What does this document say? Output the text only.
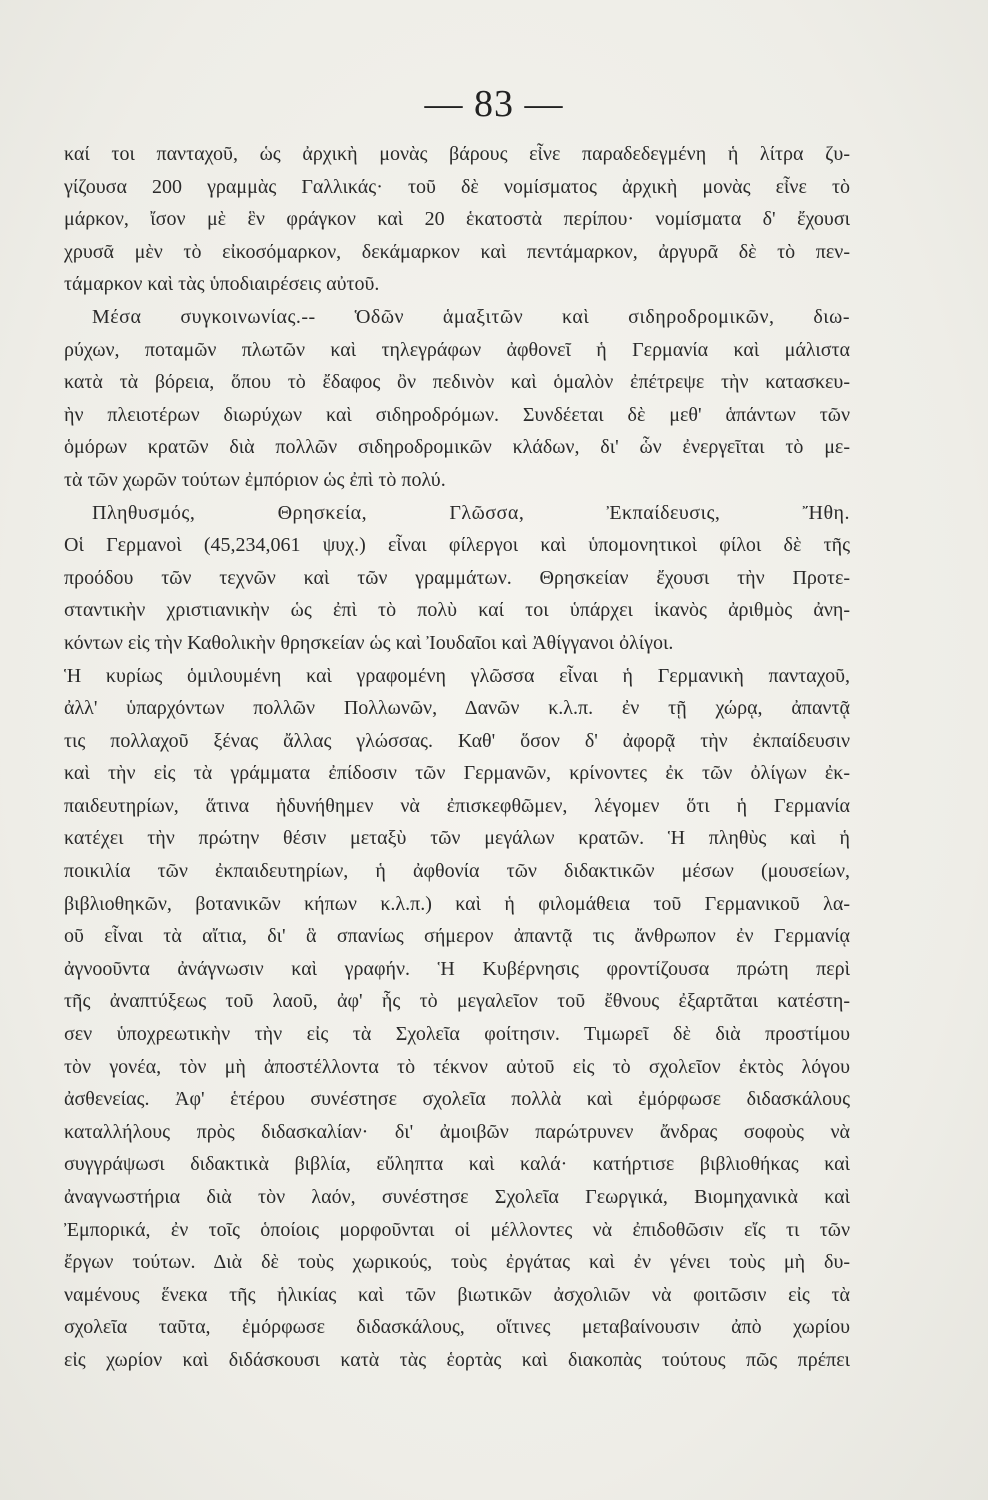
— 83 —
καί τοι πανταχοῦ, ὡς ἀρχικὴ μονὰς βάρους εἶνε παραδεδεγμένη ἡ λίτρα ζυ-
γίζουσα 200 γραμμὰς Γαλλικάς· τοῦ δὲ νομίσματος ἀρχικὴ μονὰς εἶνε τὸ
μάρκον, ἴσον μὲ ἓν φράγκον καὶ 20 ἑκατοστὰ περίπου· νομίσματα δ' ἔχουσι
χρυσᾶ μὲν τὸ εἰκοσόμαρκον, δεκάμαρκον καὶ πεντάμαρκον, ἀργυρᾶ δὲ τὸ πεν-
τάμαρκον καὶ τὰς ὑποδιαιρέσεις αὐτοῦ.
Μέσα συγκοινωνίας.-- Ὁδῶν ἁμαξιτῶν καὶ σιδηροδρομικῶν, διω-
ρύχων, ποταμῶν πλωτῶν καὶ τηλεγράφων ἀφθονεῖ ἡ Γερμανία καὶ μάλιστα
κατὰ τὰ βόρεια, ὅπου τὸ ἔδαφος ὂν πεδινὸν καὶ ὁμαλὸν ἐπέτρεψε τὴν κατασκευ-
ὴν πλειοτέρων διωρύχων καὶ σιδηροδρόμων. Συνδέεται δὲ μεθ' ἁπάντων τῶν
ὁμόρων κρατῶν διὰ πολλῶν σιδηροδρομικῶν κλάδων, δι' ὧν ἐνεργεῖται τὸ με-
τὰ τῶν χωρῶν τούτων ἐμπόριον ὡς ἐπὶ τὸ πολύ.
Πληθυσμός, Θρησκεία, Γλῶσσα, Ἐκπαίδευσις, Ἤθη.
Οἱ Γερμανοὶ (45,234,061 ψυχ.) εἶναι φίλεργοι καὶ ὑπομονητικοὶ φίλοι δὲ τῆς
προόδου τῶν τεχνῶν καὶ τῶν γραμμάτων. Θρησκείαν ἔχουσι τὴν Προτε-
σταντικὴν χριστιανικὴν ὡς ἐπὶ τὸ πολὺ καί τοι ὑπάρχει ἱκανὸς ἀριθμὸς ἀνη-
κόντων εἰς τὴν Καθολικὴν θρησκείαν ὡς καὶ Ἰουδαῖοι καὶ Ἀθίγγανοι ὀλίγοι.
Ἡ κυρίως ὁμιλουμένη καὶ γραφομένη γλῶσσα εἶναι ἡ Γερμανικὴ πανταχοῦ,
ἀλλ' ὑπαρχόντων πολλῶν Πολλωνῶν, Δανῶν κ.λ.π. ἐν τῇ χώρᾳ, ἀπαντᾷ
τις πολλαχοῦ ξένας ἄλλας γλώσσας. Καθ' ὅσον δ' ἀφορᾷ τὴν ἐκπαίδευσιν
καὶ τὴν εἰς τὰ γράμματα ἐπίδοσιν τῶν Γερμανῶν, κρίνοντες ἐκ τῶν ὀλίγων ἐκ-
παιδευτηρίων, ἅτινα ἠδυνήθημεν νὰ ἐπισκεφθῶμεν, λέγομεν ὅτι ἡ Γερμανία
κατέχει τὴν πρώτην θέσιν μεταξὺ τῶν μεγάλων κρατῶν. Ἡ πληθὺς καὶ ἡ
ποικιλία τῶν ἐκπαιδευτηρίων, ἡ ἀφθονία τῶν διδακτικῶν μέσων (μουσείων,
βιβλιοθηκῶν, βοτανικῶν κήπων κ.λ.π.) καὶ ἡ φιλομάθεια τοῦ Γερμανικοῦ λα-
οῦ εἶναι τὰ αἴτια, δι' ἃ σπανίως σήμερον ἀπαντᾷ τις ἄνθρωπον ἐν Γερμανίᾳ
ἀγνοοῦντα ἀνάγνωσιν καὶ γραφήν. Ἡ Κυβέρνησις φροντίζουσα πρώτη περὶ
τῆς ἀναπτύξεως τοῦ λαοῦ, ἀφ' ἧς τὸ μεγαλεῖον τοῦ ἔθνους ἐξαρτᾶται κατέστη-
σεν ὑποχρεωτικὴν τὴν εἰς τὰ Σχολεῖα φοίτησιν. Τιμωρεῖ δὲ διὰ προστίμου
τὸν γονέα, τὸν μὴ ἀποστέλλοντα τὸ τέκνον αὐτοῦ εἰς τὸ σχολεῖον ἐκτὸς λόγου
ἀσθενείας. Ἀφ' ἑτέρου συνέστησε σχολεῖα πολλὰ καὶ ἐμόρφωσε διδασκάλους
καταλλήλους πρὸς διδασκαλίαν· δι' ἀμοιβῶν παρώτρυνεν ἄνδρας σοφοὺς νὰ
συγγράψωσι διδακτικὰ βιβλία, εὔληπτα καὶ καλά· κατήρτισε βιβλιοθήκας καὶ
ἀναγνωστήρια διὰ τὸν λαόν, συνέστησε Σχολεῖα Γεωργικά, Βιομηχανικὰ καὶ
Ἐμπορικά, ἐν τοῖς ὁποίοις μορφοῦνται οἱ μέλλοντες νὰ ἐπιδοθῶσιν εἴς τι τῶν
ἔργων τούτων. Διὰ δὲ τοὺς χωρικούς, τοὺς ἐργάτας καὶ ἐν γένει τοὺς μὴ δυ-
ναμένους ἕνεκα τῆς ἡλικίας καὶ τῶν βιωτικῶν ἀσχολιῶν νὰ φοιτῶσιν εἰς τὰ
σχολεῖα ταῦτα, ἐμόρφωσε διδασκάλους, οἵτινες μεταβαίνουσιν ἀπὸ χωρίου
εἰς χωρίον καὶ διδάσκουσι κατὰ τὰς ἑορτὰς καὶ διακοπὰς τούτους πῶς πρέπει
